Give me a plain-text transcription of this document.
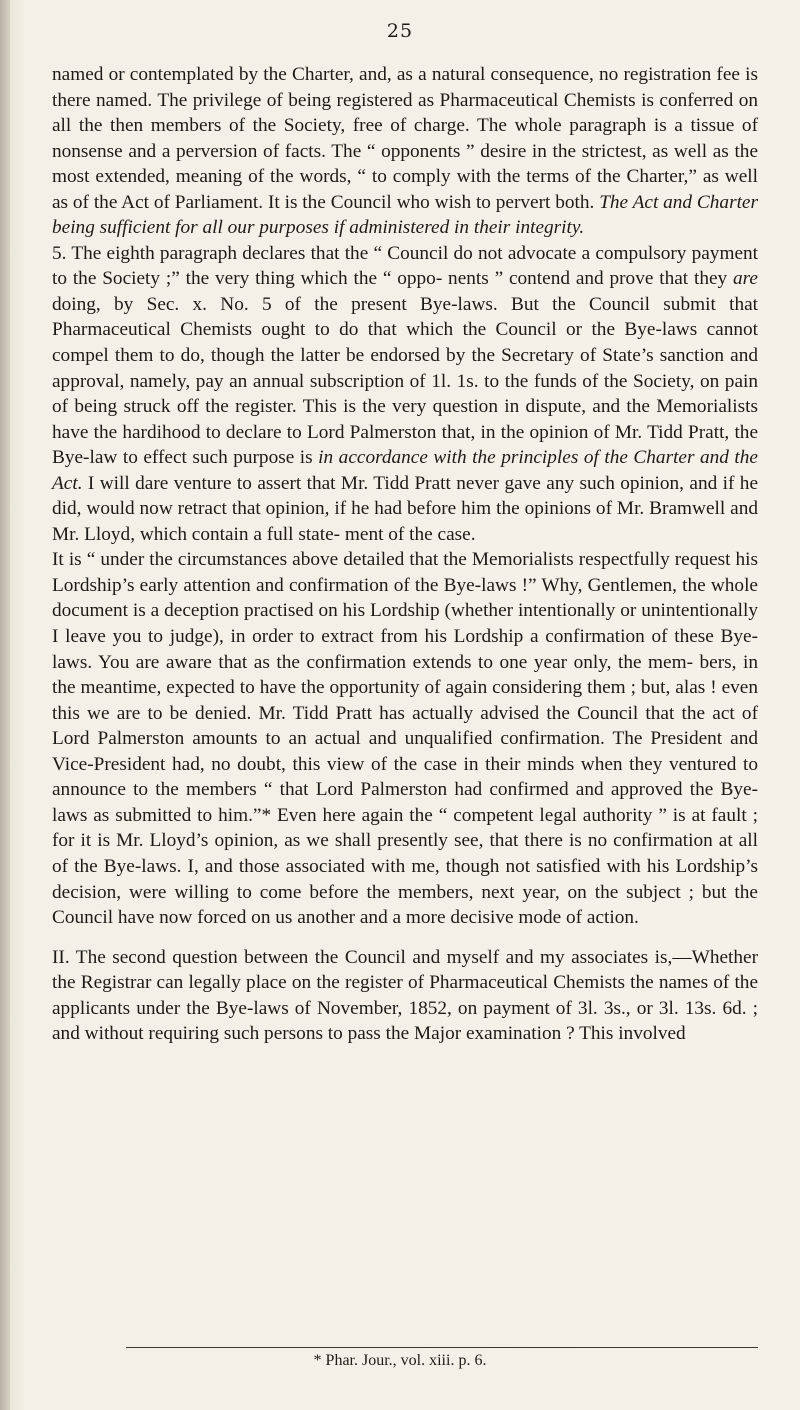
25

named or contemplated by the Charter, and, as a natural consequence, no registration fee is there named. The privilege of being registered as Pharmaceutical Chemists is conferred on all the then members of the Society, free of charge. The whole paragraph is a tissue of nonsense and a perversion of facts. The “ opponents ” desire in the strictest, as well as the most extended, meaning of the words, “ to comply with the terms of the Charter,” as well as of the Act of Parliament. It is the Council who wish to pervert both. The Act and Charter being sufficient for all our purposes if administered in their integrity.

5. The eighth paragraph declares that the “ Council do not advocate a compulsory payment to the Society ;” the very thing which the “ oppo- nents ” contend and prove that they are doing, by Sec. x. No. 5 of the present Bye-laws. But the Council submit that Pharmaceutical Chemists ought to do that which the Council or the Bye-laws cannot compel them to do, though the latter be endorsed by the Secretary of State’s sanction and approval, namely, pay an annual subscription of 1l. 1s. to the funds of the Society, on pain of being struck off the register. This is the very question in dispute, and the Memorialists have the hardihood to declare to Lord Palmerston that, in the opinion of Mr. Tidd Pratt, the Bye-law to effect such purpose is in accordance with the principles of the Charter and the Act. I will dare venture to assert that Mr. Tidd Pratt never gave any such opinion, and if he did, would now retract that opinion, if he had before him the opinions of Mr. Bramwell and Mr. Lloyd, which contain a full state- ment of the case.

It is “ under the circumstances above detailed that the Memorialists respectfully request his Lordship’s early attention and confirmation of the Bye-laws !” Why, Gentlemen, the whole document is a deception practised on his Lordship (whether intentionally or unintentionally I leave you to judge), in order to extract from his Lordship a confirmation of these Bye-laws. You are aware that as the confirmation extends to one year only, the mem- bers, in the meantime, expected to have the opportunity of again considering them ; but, alas ! even this we are to be denied. Mr. Tidd Pratt has actually advised the Council that the act of Lord Palmerston amounts to an actual and unqualified confirmation. The President and Vice-President had, no doubt, this view of the case in their minds when they ventured to announce to the members “ that Lord Palmerston had confirmed and approved the Bye-laws as submitted to him.”* Even here again the “ competent legal authority ” is at fault ; for it is Mr. Lloyd’s opinion, as we shall presently see, that there is no confirmation at all of the Bye-laws. I, and those associated with me, though not satisfied with his Lordship’s decision, were willing to come before the members, next year, on the subject ; but the Council have now forced on us another and a more decisive mode of action.

II. The second question between the Council and myself and my associates is,—Whether the Registrar can legally place on the register of Pharmaceutical Chemists the names of the applicants under the Bye-laws of November, 1852, on payment of 3l. 3s., or 3l. 13s. 6d. ; and without requiring such persons to pass the Major examination ? This involved

* Phar. Jour., vol. xiii. p. 6.
